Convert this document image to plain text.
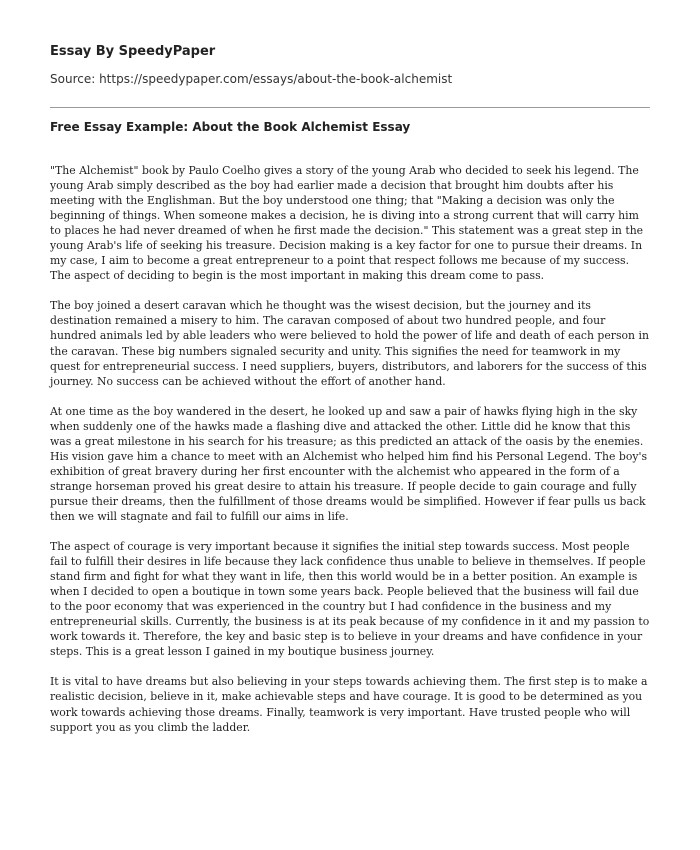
Essay By SpeedyPaper
Source: https://speedypaper.com/essays/about-the-book-alchemist
Free Essay Example: About the Book Alchemist Essay

"The Alchemist" book by Paulo Coelho gives a story of the young Arab who decided to seek his legend. The young Arab simply described as the boy had earlier made a decision that brought him doubts after his meeting with the Englishman. But the boy understood one thing; that "Making a decision was only the beginning of things. When someone makes a decision, he is diving into a strong current that will carry him to places he had never dreamed of when he first made the decision." This statement was a great step in the young Arab's life of seeking his treasure. Decision making is a key factor for one to pursue their dreams. In my case, I aim to become a great entrepreneur to a point that respect follows me because of my success. The aspect of deciding to begin is the most important in making this dream come to pass.

The boy joined a desert caravan which he thought was the wisest decision, but the journey and its destination remained a misery to him. The caravan composed of about two hundred people, and four hundred animals led by able leaders who were believed to hold the power of life and death of each person in the caravan. These big numbers signaled security and unity. This signifies the need for teamwork in my quest for entrepreneurial success. I need suppliers, buyers, distributors, and laborers for the success of this journey. No success can be achieved without the effort of another hand.

At one time as the boy wandered in the desert, he looked up and saw a pair of hawks flying high in the sky when suddenly one of the hawks made a flashing dive and attacked the other. Little did he know that this was a great milestone in his search for his treasure; as this predicted an attack of the oasis by the enemies. His vision gave him a chance to meet with an Alchemist who helped him find his Personal Legend. The boy's exhibition of great bravery during her first encounter with the alchemist who appeared in the form of a strange horseman proved his great desire to attain his treasure. If people decide to gain courage and fully pursue their dreams, then the fulfillment of those dreams would be simplified. However if fear pulls us back then we will stagnate and fail to fulfill our aims in life.

The aspect of courage is very important because it signifies the initial step towards success. Most people fail to fulfill their desires in life because they lack confidence thus unable to believe in themselves. If people stand firm and fight for what they want in life, then this world would be in a better position. An example is when I decided to open a boutique in town some years back. People believed that the business will fail due to the poor economy that was experienced in the country but I had confidence in the business and my entrepreneurial skills. Currently, the business is at its peak because of my confidence in it and my passion to work towards it. Therefore, the key and basic step is to believe in your dreams and have confidence in your steps. This is a great lesson I gained in my boutique business journey.

It is vital to have dreams but also believing in your steps towards achieving them. The first step is to make a realistic decision, believe in it, make achievable steps and have courage. It is good to be determined as you work towards achieving those dreams. Finally, teamwork is very important. Have trusted people who will support you as you climb the ladder.
